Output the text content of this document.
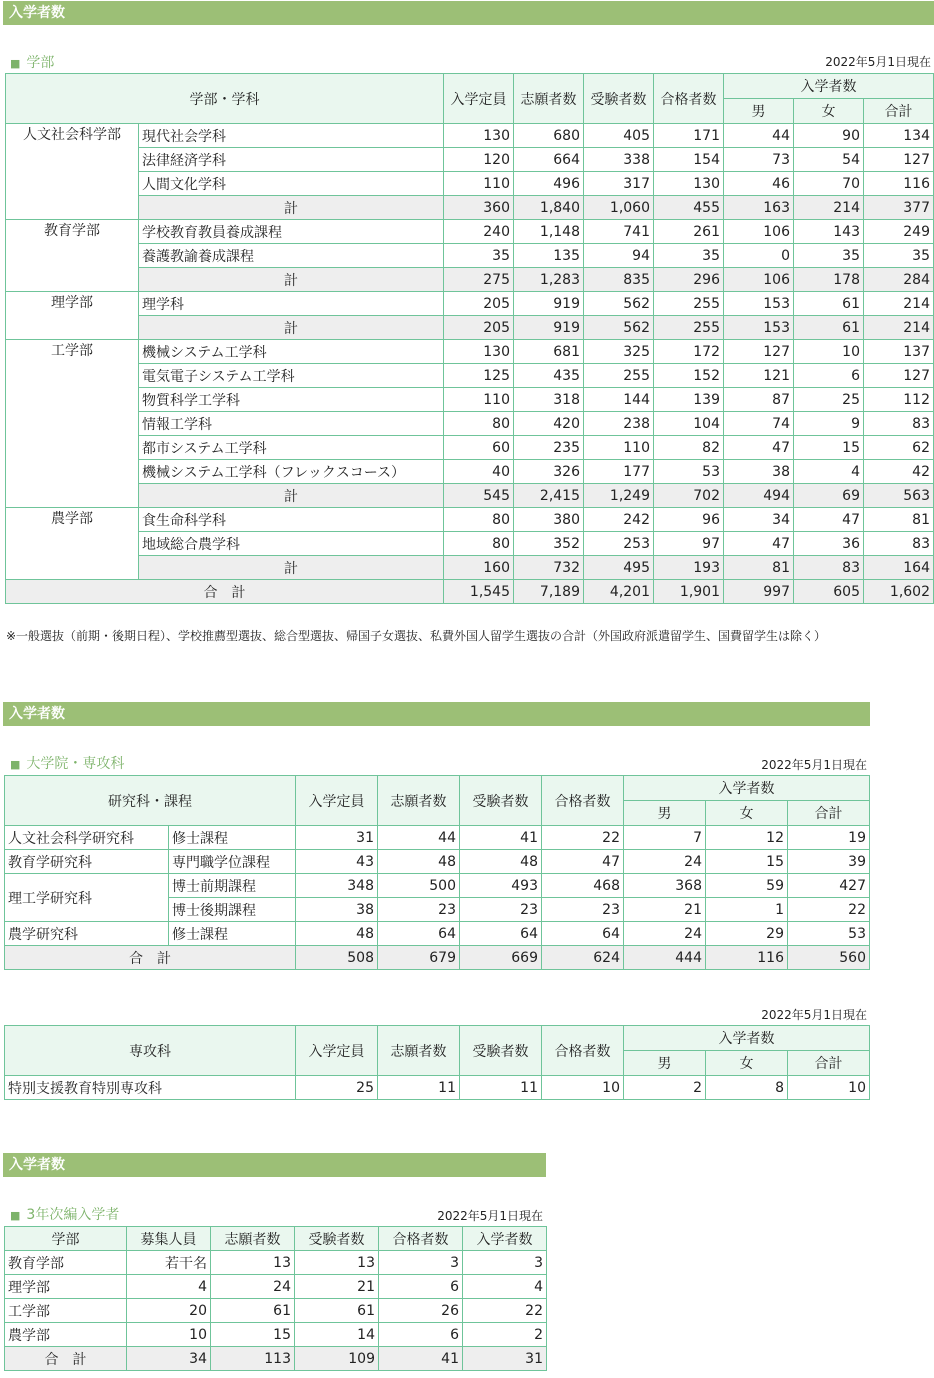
入学者数
■ 学部	2022年5月1日現在
学部・学科		入学定員	志願者数	受験者数	合格者数	入学者数		
						男	女	合計
人文社会科学部	現代社会学科	130	680	405	171	44	90	134
	法律経済学科	120	664	338	154	73	54	127
	人間文化学科	110	496	317	130	46	70	116
	計	360	1,840	1,060	455	163	214	377
教育学部	学校教育教員養成課程	240	1,148	741	261	106	143	249
	養護教諭養成課程	35	135	94	35	0	35	35
	計	275	1,283	835	296	106	178	284
理学部	理学科	205	919	562	255	153	61	214
	計	205	919	562	255	153	61	214
工学部	機械システム工学科	130	681	325	172	127	10	137
	電気電子システム工学科	125	435	255	152	121	6	127
	物質科学工学科	110	318	144	139	87	25	112
	情報工学科	80	420	238	104	74	9	83
	都市システム工学科	60	235	110	82	47	15	62
	機械システム工学科（フレックスコース）	40	326	177	53	38	4	42
	計	545	2,415	1,249	702	494	69	563
農学部	食生命科学科	80	380	242	96	34	47	81
	地域総合農学科	80	352	253	97	47	36	83
	計	160	732	495	193	81	83	164
合　計		1,545	7,189	4,201	1,901	997	605	1,602
※一般選抜（前期・後期日程）、学校推薦型選抜、総合型選抜、帰国子女選抜、私費外国人留学生選抜の合計（外国政府派遣留学生、国費留学生は除く）
入学者数
■ 大学院・専攻科	2022年5月1日現在
研究科・課程		入学定員	志願者数	受験者数	合格者数	入学者数		
						男	女	合計
人文社会科学研究科	修士課程	31	44	41	22	7	12	19
教育学研究科	専門職学位課程	43	48	48	47	24	15	39
理工学研究科	博士前期課程	348	500	493	468	368	59	427
	博士後期課程	38	23	23	23	21	1	22
農学研究科	修士課程	48	64	64	64	24	29	53
合　計		508	679	669	624	444	116	560
2022年5月1日現在
専攻科	入学定員	志願者数	受験者数	合格者数	入学者数		
					男	女	合計
特別支援教育特別専攻科	25	11	11	10	2	8	10
入学者数
■ 3年次編入学者	2022年5月1日現在
学部	募集人員	志願者数	受験者数	合格者数	入学者数
教育学部	若干名	13	13	3	3
理学部	4	24	21	6	4
工学部	20	61	61	26	22
農学部	10	15	14	6	2
合　計	34	113	109	41	31
